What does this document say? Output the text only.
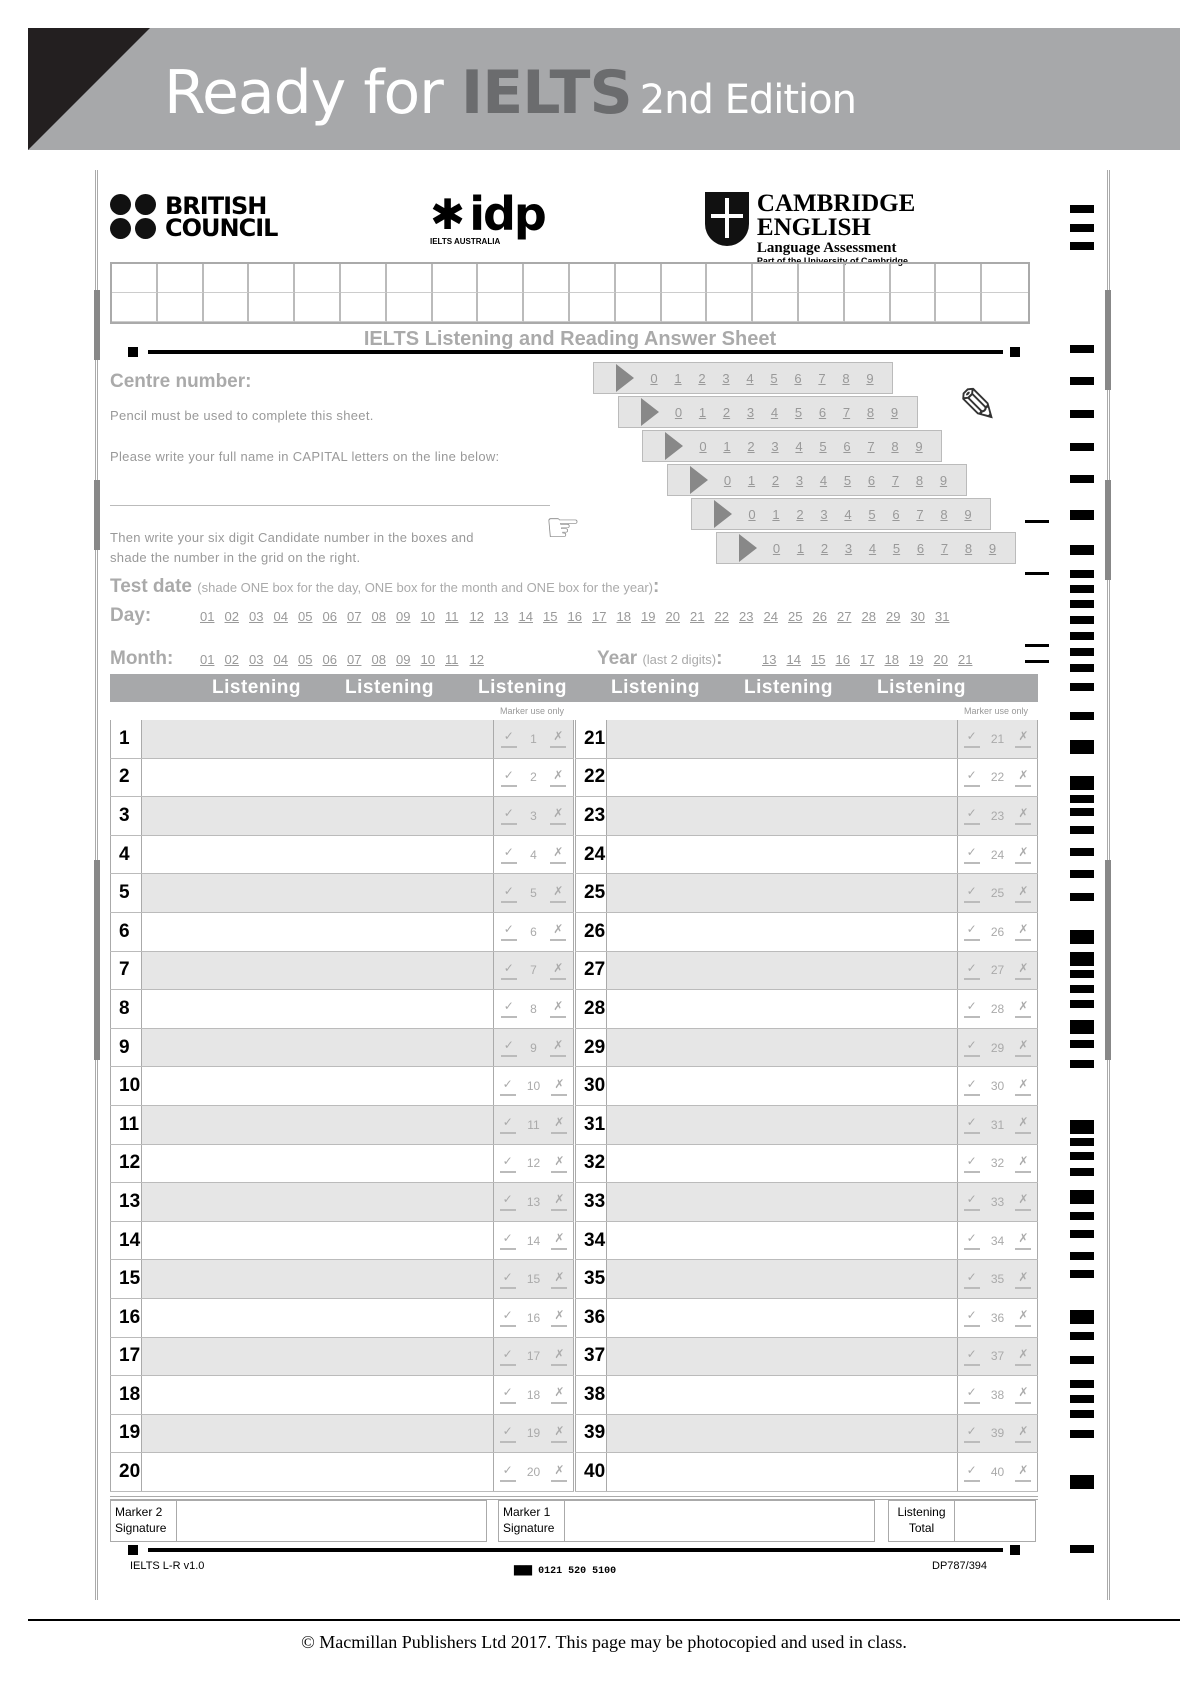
Ready for IELTS 2nd Edition
BRITISH
COUNCIL	✱ idp
IELTS AUSTRALIA
CAMBRIDGE ENGLISH
Language Assessment
Part of the University of Cambridge
IELTS Listening and Reading Answer Sheet
Centre number:
Pencil must be used to complete this sheet.
Please write your full name in CAPITAL letters on the line below:
Then write your six digit Candidate number in the boxes and
shade the number in the grid on the right.
☞
✎
0	1	2	3	4	5	6	7	8	9
0	1	2	3	4	5	6	7	8	9
0	1	2	3	4	5	6	7	8	9
0	1	2	3	4	5	6	7	8	9
0	1	2	3	4	5	6	7	8	9
0	1	2	3	4	5	6	7	8	9
Test date (shade ONE box for the day, ONE box for the month and ONE box for the year):
Day:	01 02 03 04 05 06 07 08 09 10 11 12 13 14 15 16 17 18 19 20 21 22 23 24 25 26 27 28 29 30 31
Month: 01 02 03 04 05 06 07 08 09 10 11 12	Year (last 2 digits):	13 14 15 16 17 18 19 20 21
Listening	Listening	Listening	Listening	Listening	Listening
Marker use only
1	✓ 1 ✗
2	✓ 2 ✗
3	✓ 3 ✗
4	✓ 4 ✗
5	✓ 5 ✗
6	✓ 6 ✗
7	✓ 7 ✗
8	✓ 8 ✗
9	✓ 9 ✗
10	✓ 10 ✗
11	✓ 11 ✗
12	✓ 12 ✗
13	✓ 13 ✗
14	✓ 14 ✗
15	✓ 15 ✗
16	✓ 16 ✗
17	✓ 17 ✗
18	✓ 18 ✗
19	✓ 19 ✗
20	✓ 20 ✗
Marker use only
21	✓ 21 ✗
22	✓ 22 ✗
23	✓ 23 ✗
24	✓ 24 ✗
25	✓ 25 ✗
26	✓ 26 ✗
27	✓ 27 ✗
28	✓ 28 ✗
29	✓ 29 ✗
30	✓ 30 ✗
31	✓ 31 ✗
32	✓ 32 ✗
33	✓ 33 ✗
34	✓ 34 ✗
35	✓ 35 ✗
36	✓ 36 ✗
37	✓ 37 ✗
38	✓ 38 ✗
39	✓ 39 ✗
40	✓ 40 ✗
Marker 2
Signature
Marker 1
Signature
Listening
Total
IELTS L-R v1.0	▇▇▇ 0121 520 5100	DP787/394
© Macmillan Publishers Ltd 2017. This page may be photocopied and used in class.
